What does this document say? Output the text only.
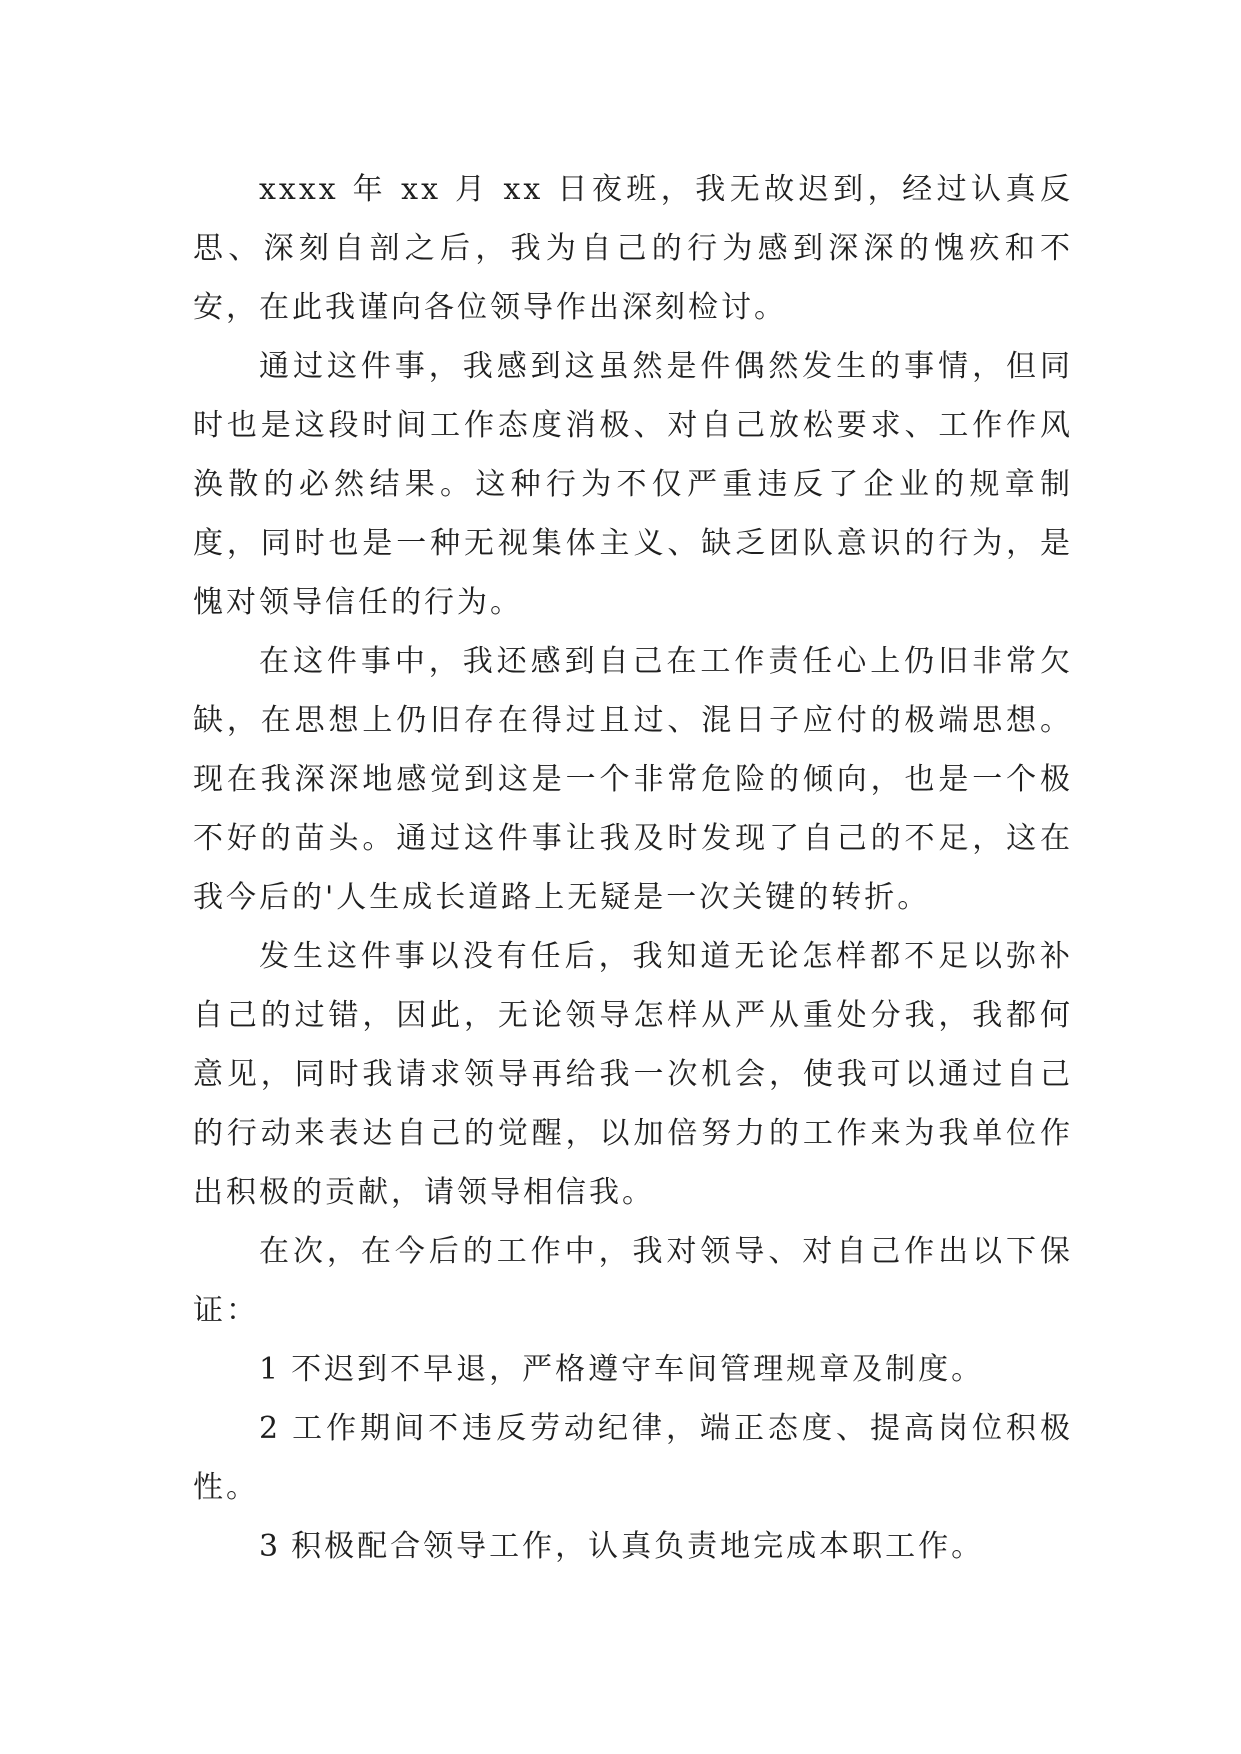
xxxx 年 xx 月 xx 日夜班，我无故迟到，经过认真反思、深刻自剖之后，我为自己的行为感到深深的愧疚和不安，在此我谨向各位领导作出深刻检讨。

通过这件事，我感到这虽然是件偶然发生的事情，但同时也是这段时间工作态度消极、对自己放松要求、工作作风涣散的必然结果。这种行为不仅严重违反了企业的规章制度，同时也是一种无视集体主义、缺乏团队意识的行为，是愧对领导信任的行为。

在这件事中，我还感到自己在工作责任心上仍旧非常欠缺，在思想上仍旧存在得过且过、混日子应付的极端思想。现在我深深地感觉到这是一个非常危险的倾向，也是一个极不好的苗头。通过这件事让我及时发现了自己的不足，这在我今后的'人生成长道路上无疑是一次关键的转折。

发生这件事以没有任后，我知道无论怎样都不足以弥补自己的过错，因此，无论领导怎样从严从重处分我，我都何意见，同时我请求领导再给我一次机会，使我可以通过自己的行动来表达自己的觉醒，以加倍努力的工作来为我单位作出积极的贡献，请领导相信我。

在次，在今后的工作中，我对领导、对自己作出以下保证：

1 不迟到不早退，严格遵守车间管理规章及制度。

2 工作期间不违反劳动纪律，端正态度、提高岗位积极性。

3 积极配合领导工作，认真负责地完成本职工作。
